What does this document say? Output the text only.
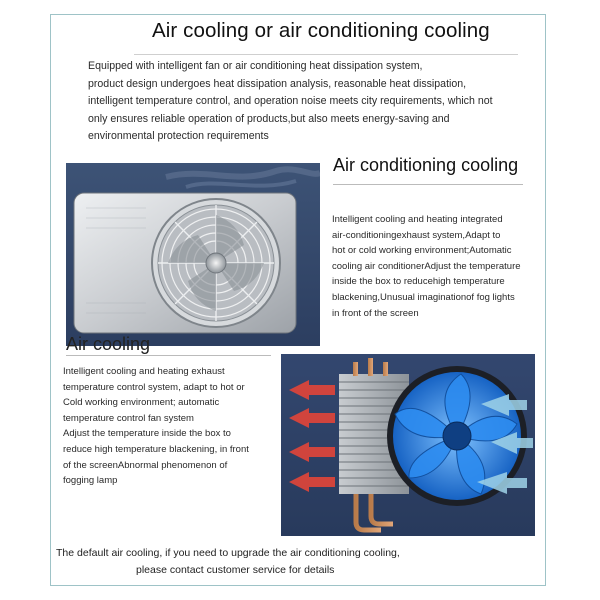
Air cooling or air conditioning cooling
Equipped with intelligent fan or air conditioning heat dissipation system,
product design undergoes heat dissipation analysis, reasonable heat dissipation,
intelligent temperature control, and operation noise meets city requirements, which not
only ensures reliable operation of products,but also meets energy-saving and
environmental protection requirements
Air conditioning cooling
Intelligent cooling and heating integrated
air-conditioningexhaust system,Adapt to
hot or cold working environment;Automatic
cooling air conditionerAdjust the temperature
inside the box to reducehigh temperature
blackening,Unusual imaginationof fog lights
in front of the screen
Air cooling
Intelligent cooling and heating exhaust
temperature control system, adapt to hot or
Cold working environment; automatic
temperature control fan system
Adjust the temperature inside the box to
reduce high temperature blackening, in front
of the screenAbnormal phenomenon of
fogging lamp
The default air cooling, if you need to upgrade the air conditioning cooling,
please contact customer service for details
